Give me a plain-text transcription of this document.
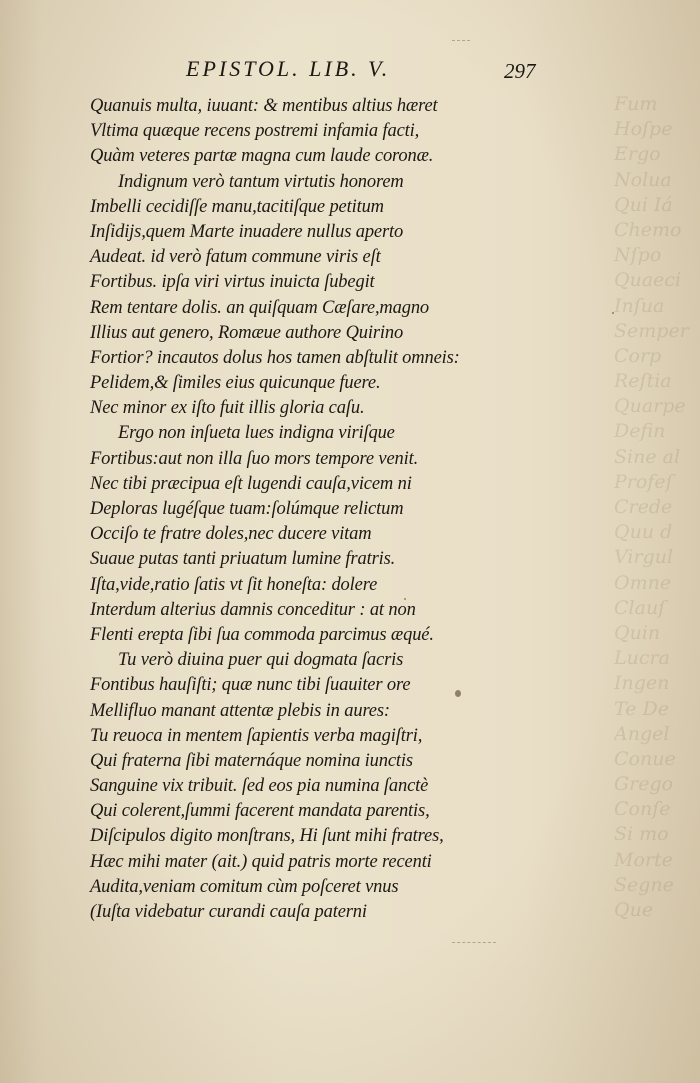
Fum
Hoſpe
Ergo
Nolua
Qui Iá
Chemo
Nſpo
Quaeci
Inſua
Semper
Corp
Reſtia
Quarpe
Defin
Sine al
Profeſ
Crede
Quu d
Virgul
Omne
Clauſ
Quin
Lucra
Ingen
Te De
Angel
Conue
Grego
Conſe
Si mo
Morte
Segne
Que
EPISTOL. LIB. V.	297
Quanuis multa, iuuant: & mentibus altius hæret
Vltima quæque recens postremi infamia facti,
Quàm veteres partæ magna cum laude coronæ.
Indignum verò tantum virtutis honorem
Imbelli cecidiſſe manu,tacitiſque petitum
Inſidijs,quem Marte inuadere nullus aperto
Audeat. id verò fatum commune viris eſt
Fortibus. ipſa viri virtus inuicta ſubegit
Rem tentare dolis. an quiſquam Cæſare,magno
Illius aut genero, Romæue authore Quirino
Fortior? incautos dolus hos tamen abſtulit omneis:
Pelidem,& ſimiles eius quicunque fuere.
Nec minor ex iſto fuit illis gloria caſu.
Ergo non inſueta lues indigna viriſque
Fortibus:aut non illa ſuo mors tempore venit.
Nec tibi præcipua eſt lugendi cauſa,vicem ni
Deploras lugéſque tuam:ſolúmque relictum
Occiſo te fratre doles,nec ducere vitam
Suaue putas tanti priuatum lumine fratris.
Iſta,vide,ratio ſatis vt ſit honeſta: dolere
Interdum alterius damnis conceditur : at non
Flenti erepta ſibi ſua commoda parcimus æqué.
Tu verò diuina puer qui dogmata ſacris
Fontibus hauſiſti; quæ nunc tibi ſuauiter ore
Mellifluo manant attentæ plebis in aures:
Tu reuoca in mentem ſapientis verba magiſtri,
Qui fraterna ſibi maternáque nomina iunctis
Sanguine vix tribuit. ſed eos pia numina ſanctè
Qui colerent,ſummi facerent mandata parentis,
Diſcipulos digito monſtrans, Hi ſunt mihi fratres,
Hæc mihi mater (ait.) quid patris morte recenti
Audita,veniam comitum cùm poſceret vnus
(Iuſta videbatur curandi cauſa paterni
